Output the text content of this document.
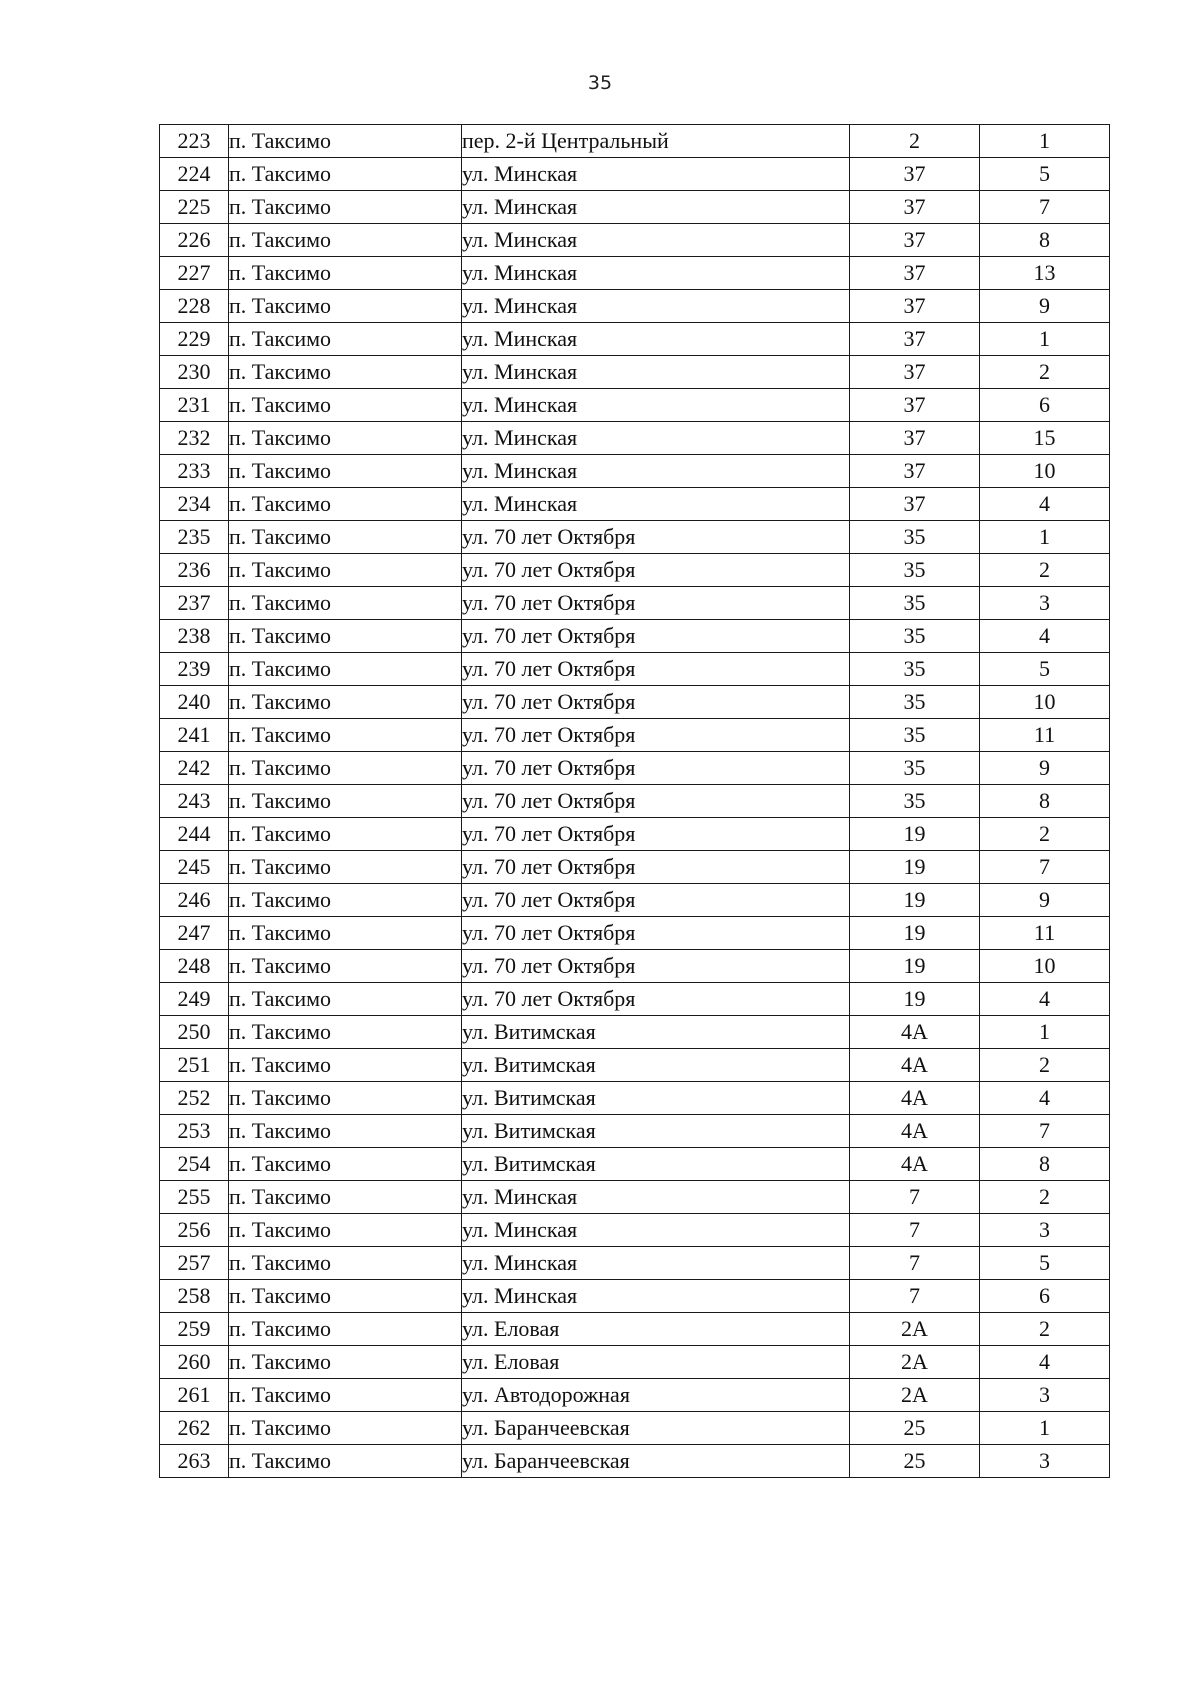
35
223	п. Таксимо	пер. 2-й Центральный	2	1
224	п. Таксимо	ул. Минская	37	5
225	п. Таксимо	ул. Минская	37	7
226	п. Таксимо	ул. Минская	37	8
227	п. Таксимо	ул. Минская	37	13
228	п. Таксимо	ул. Минская	37	9
229	п. Таксимо	ул. Минская	37	1
230	п. Таксимо	ул. Минская	37	2
231	п. Таксимо	ул. Минская	37	6
232	п. Таксимо	ул. Минская	37	15
233	п. Таксимо	ул. Минская	37	10
234	п. Таксимо	ул. Минская	37	4
235	п. Таксимо	ул. 70 лет Октября	35	1
236	п. Таксимо	ул. 70 лет Октября	35	2
237	п. Таксимо	ул. 70 лет Октября	35	3
238	п. Таксимо	ул. 70 лет Октября	35	4
239	п. Таксимо	ул. 70 лет Октября	35	5
240	п. Таксимо	ул. 70 лет Октября	35	10
241	п. Таксимо	ул. 70 лет Октября	35	11
242	п. Таксимо	ул. 70 лет Октября	35	9
243	п. Таксимо	ул. 70 лет Октября	35	8
244	п. Таксимо	ул. 70 лет Октября	19	2
245	п. Таксимо	ул. 70 лет Октября	19	7
246	п. Таксимо	ул. 70 лет Октября	19	9
247	п. Таксимо	ул. 70 лет Октября	19	11
248	п. Таксимо	ул. 70 лет Октября	19	10
249	п. Таксимо	ул. 70 лет Октября	19	4
250	п. Таксимо	ул. Витимская	4А	1
251	п. Таксимо	ул. Витимская	4А	2
252	п. Таксимо	ул. Витимская	4А	4
253	п. Таксимо	ул. Витимская	4А	7
254	п. Таксимо	ул. Витимская	4А	8
255	п. Таксимо	ул. Минская	7	2
256	п. Таксимо	ул. Минская	7	3
257	п. Таксимо	ул. Минская	7	5
258	п. Таксимо	ул. Минская	7	6
259	п. Таксимо	ул. Еловая	2А	2
260	п. Таксимо	ул. Еловая	2А	4
261	п. Таксимо	ул. Автодорожная	2А	3
262	п. Таксимо	ул. Баранчеевская	25	1
263	п. Таксимо	ул. Баранчеевская	25	3
